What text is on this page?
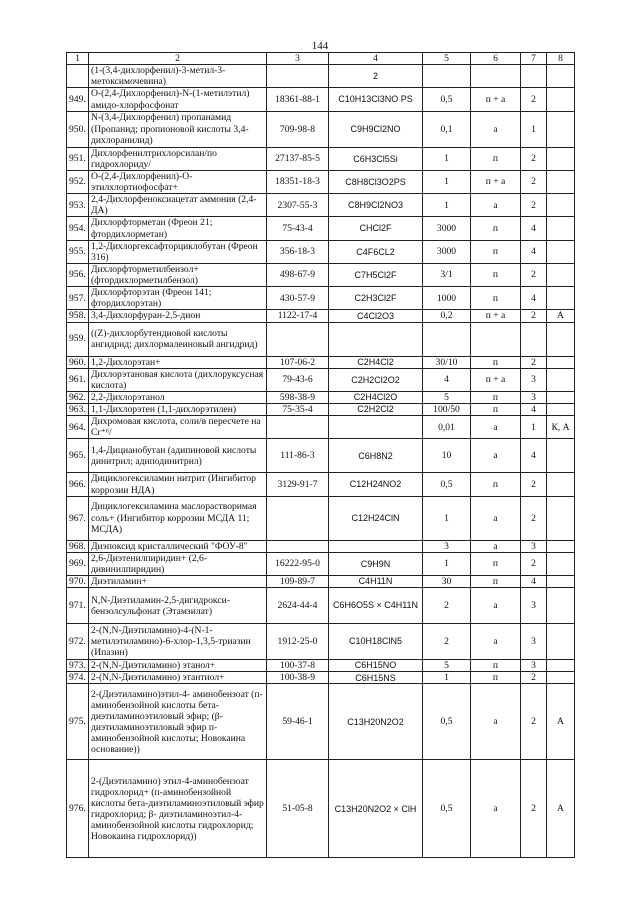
144
1	2	3	4	5	6	7	8
	(1-(3,4-дихлорфенил)-3-метил-3-метоксимочевина)		2				
949.	О-(2,4-Дихлорфенил)-N-(1-метилэтил) амидо-хлорфосфонат	18361-88-1	C10H13Cl3NO PS	0,5	п + а	2	
950.	N-(3,4-Дихлорфенил) пропанамид (Пропанид; пропионовой кислоты 3,4-дихлоранилид)	709-98-8	C9H9Cl2NO	0,1	а	1	
951.	Дихлорфенилтрихлорсилан/по гидрохлориду/	27137-85-5	C6H3Cl5Si	1	п	2	
952.	О-(2,4-Дихлорфенил)-О-этилхлортиофосфат+	18351-18-3	C8H8Cl3O2PS	1	п + а	2	
953.	2,4-Дихлорфеноксиацетат аммония (2,4-ДА)	2307-55-3	C8H9Cl2NO3	1	а	2	
954.	Дихлорфторметан (Фреон 21; фтордихлорметан)	75-43-4	CHCl2F	3000	п	4	
955.	1,2-Дихлоргексафторциклобутан (Фреон 316)	356-18-3	C4F6CL2	3000	п	4	
956.	Дихлорфторметилбензол+ (фтордихлорметилбензол)	498-67-9	C7H5Cl2F	3/1	п	2	
957.	Дихлорфторэтан (Фреон 141; фтордихлорэтан)	430-57-9	C2H3Cl2F	1000	п	4	
958.	3,4-Дихлорфуран-2,5-дион	1122-17-4	C4Cl2O3	0,2	п + а	2	А
959.	((Z)-дихлорбутендиовой кислоты ангидрид; дихлормалеиновый ангидрид)						
960.	1,2-Дихлорэтан+	107-06-2	C2H4Cl2	30/10	п	2	
961.	Дихлорэтановая кислота (дихлоруксусная кислота)	79-43-6	C2H2Cl2O2	4	п + а	3	
962.	2,2-Дихлорэтанол	598-38-9	C2H4Cl2O	5	п	3	
963.	1,1-Дихлорэтен (1,1-дихлорэтилен)	75-35-4	C2H2Cl2	100/50	п	4	
964.	Дихромовая кислота, соли/в пересчете на Cr⁺⁶/			0,01	а	1	К, А
965.	1,4-Дицианобутан (адипиновой кислоты динитрил; адиподинитрил)	111-86-3	C6H8N2	10	а	4	
966.	Дициклогексиламин нитрит (Ингибитор коррозии НДА)	3129-91-7	C12H24NO2	0,5	п	2	
967.	Дициклогексиламина маслорастворимая соль+ (Ингибитор коррозии МСДА 11; МСДА)		C12H24ClN	1	а	2	
968.	Диэпоксид кристаллический "ФОУ-8"			3	а	3	
969.	2,6-Диэтенилпиридин+ (2,6-дивинилпиридин)	16222-95-0	C9H9N	1	п	2	
970.	Диэтиламин+	109-89-7	C4H11N	30	п	4	
971.	N,N-Диэтиламин-2,5-дигидрокси-бензолсульфонат (Этамзилат)	2624-44-4	C6H6O5S × C4H11N	2	а	3	
972.	2-(N,N-Диэтиламино)-4-(N-1-метилэтиламино)-6-хлор-1,3,5-триазин (Ипазин)	1912-25-0	C10H18ClN5	2	а	3	
973.	2-(N,N-Диэтиламино) этанол+	100-37-8	C6H15NO	5	п	3	
974.	2-(N,N-Диэтиламино) этантиол+	100-38-9	C6H15NS	1	п	2	
975.	2-(Диэтиламино)этил-4- аминобензоат (п-аминобензойной кислоты бета-диэтиламиноэтиловый эфир; (β-диэтиламиноэтиловый эфир п-аминобензойной кислоты; Новокаина основание))	59-46-1	C13H20N2O2	0,5	а	2	А
976.	2-(Диэтиламино) этил-4-аминобензоат гидрохлорид+ (п-аминобензойной кислоты бета-диэтиламиноэтиловый эфир гидрохлорид; β- диэтиламиноэтил-4-аминобензойной кислоты гидрохлорид; Новокаина гидрохлорид))	51-05-8	C13H20N2O2 × ClH	0,5	а	2	А
